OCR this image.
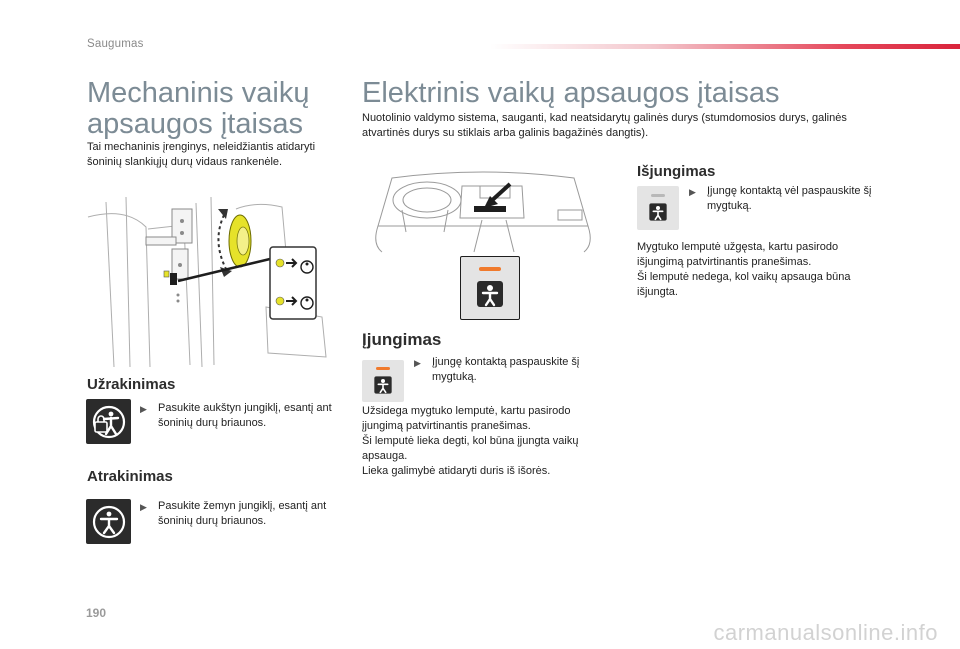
Saugumas
Mechaninis vaikų
apsaugos įtaisas

Tai mechaninis įrenginys, neleidžiantis atidaryti šoninių slankiųjų durų vidaus rankenėle.

Užrakinimas
▶︎	Pasukite aukštyn jungiklį, esantį ant šoninių durų briaunos.
Atrakinimas
▶︎	Pasukite žemyn jungiklį, esantį ant šoninių durų briaunos.
Elektrinis vaikų apsaugos įtaisas

Nuotolinio valdymo sistema, sauganti, kad neatsidarytų galinės durys (stumdomosios durys, galinės atvartinės durys su stiklais arba galinis bagažinės dangtis).

Įjungimas
▶︎	Įjungę kontaktą paspauskite šį mygtuką.

Užsidega mygtuko lemputė, kartu pasirodo įjungimą patvirtinantis pranešimas.
Ši lemputė lieka degti, kol būna įjungta vaikų apsauga.
Lieka galimybė atidaryti duris iš išorės.

Išjungimas
▶︎	Įjungę kontaktą vėl paspauskite šį mygtuką.

Mygtuko lemputė užgęsta, kartu pasirodo išjungimą patvirtinantis pranešimas.
Ši lemputė nedega, kol vaikų apsauga būna išjungta.

190
carmanualsonline.info
